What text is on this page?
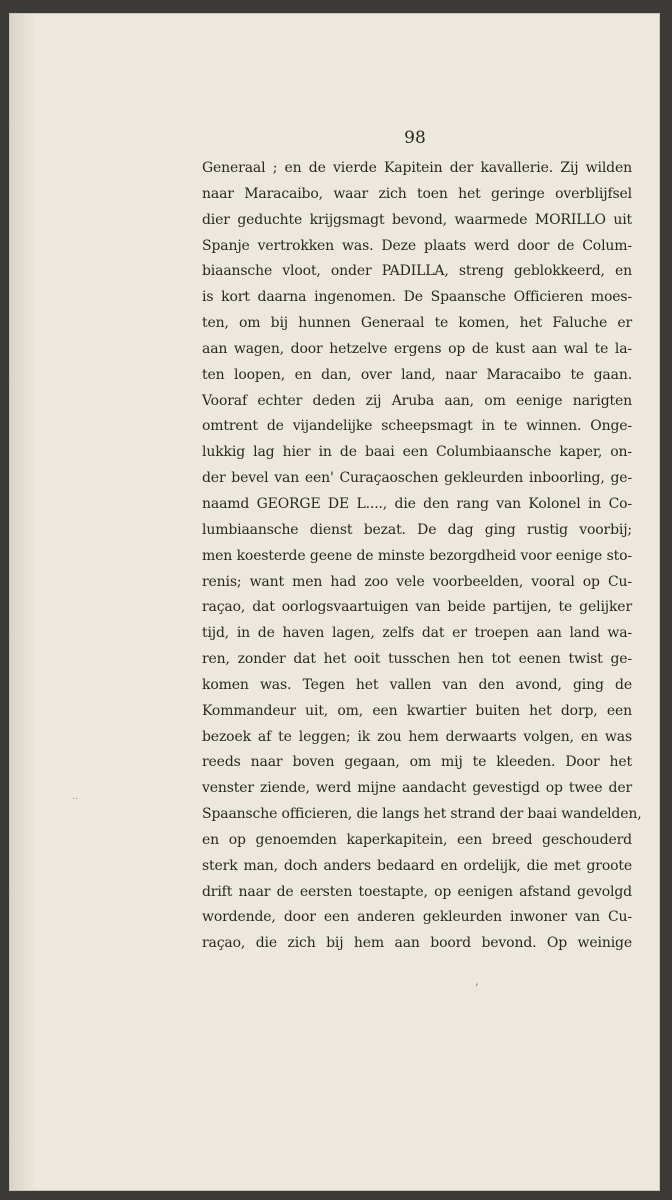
98

Generaal ; en de vierde Kapitein der kavallerie. Zij wilden
naar Maracaibo, waar zich toen het geringe overblijfsel
dier geduchte krijgsmagt bevond, waarmede MORILLO uit
Spanje vertrokken was. Deze plaats werd door de Colum-
biaansche vloot, onder PADILLA, streng geblokkeerd, en
is kort daarna ingenomen. De Spaansche Officieren moes-
ten, om bij hunnen Generaal te komen, het Faluche er
aan wagen, door hetzelve ergens op de kust aan wal te la-
ten loopen, en dan, over land, naar Maracaibo te gaan.
Vooraf echter deden zij Aruba aan, om eenige narigten
omtrent de vijandelijke scheepsmagt in te winnen. Onge-
lukkig lag hier in de baai een Columbiaansche kaper, on-
der bevel van een' Curaçaoschen gekleurden inboorling, ge-
naamd GEORGE DE L...., die den rang van Kolonel in Co-
lumbiaansche dienst bezat. De dag ging rustig voorbij;
men koesterde geene de minste bezorgdheid voor eenige sto-
renis; want men had zoo vele voorbeelden, vooral op Cu-
raçao, dat oorlogsvaartuigen van beide partijen, te gelijker
tijd, in de haven lagen, zelfs dat er troepen aan land wa-
ren, zonder dat het ooit tusschen hen tot eenen twist ge-
komen was. Tegen het vallen van den avond, ging de
Kommandeur uit, om, een kwartier buiten het dorp, een
bezoek af te leggen; ik zou hem derwaarts volgen, en was
reeds naar boven gegaan, om mij te kleeden. Door het
venster ziende, werd mijne aandacht gevestigd op twee der
Spaansche officieren, die langs het strand der baai wandelden,
en op genoemden kaperkapitein, een breed geschouderd
sterk man, doch anders bedaard en ordelijk, die met groote
drift naar de eersten toestapte, op eenigen afstand gevolgd
wordende, door een anderen gekleurden inwoner van Cu-
raçao, die zich bij hem aan boord bevond. Op weinige
‚
··
